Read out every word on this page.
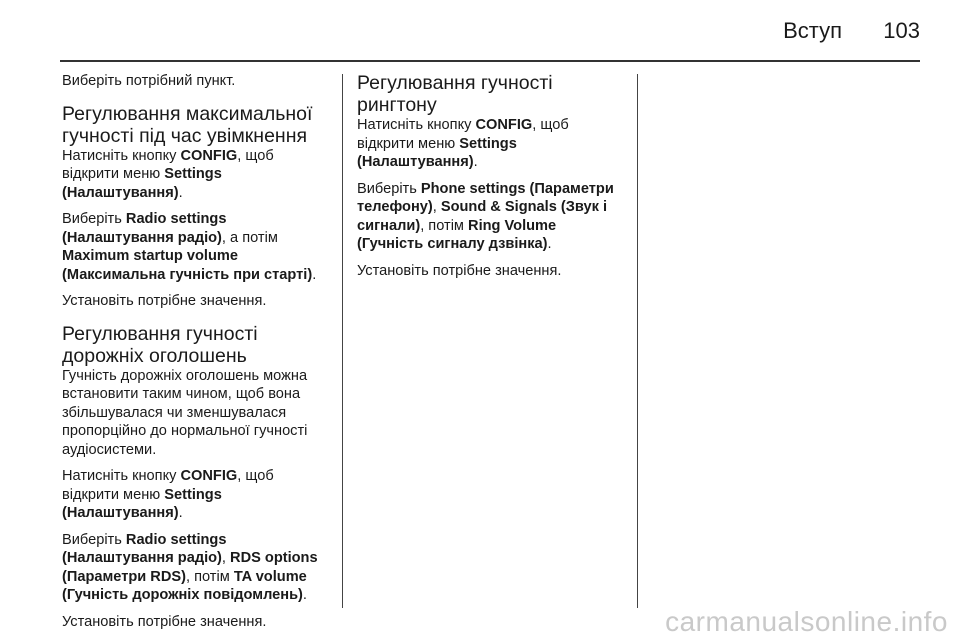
Вступ 103

Виберіть потрібний пункт.

Регулювання максимальної гучності під час увімкнення

Натисніть кнопку CONFIG, щоб відкрити меню Settings (Налаштування).

Виберіть Radio settings (Налаштування радіо), а потім Maximum startup volume (Максимальна гучність при старті).

Установіть потрібне значення.

Регулювання гучності дорожніх оголошень

Гучність дорожніх оголошень можна встановити таким чином, щоб вона збільшувалася чи зменшувалася пропорційно до нормальної гучності аудіосистеми.

Натисніть кнопку CONFIG, щоб відкрити меню Settings (Налаштування).

Виберіть Radio settings (Налаштування радіо), RDS options (Параметри RDS), потім TA volume (Гучність дорожніх повідомлень).

Установіть потрібне значення.

Регулювання гучності рингтону

Натисніть кнопку CONFIG, щоб відкрити меню Settings (Налаштування).

Виберіть Phone settings (Параметри телефону), Sound & Signals (Звук і сигнали), потім Ring Volume (Гучність сигналу дзвінка).

Установіть потрібне значення.

carmanualsonline.info
